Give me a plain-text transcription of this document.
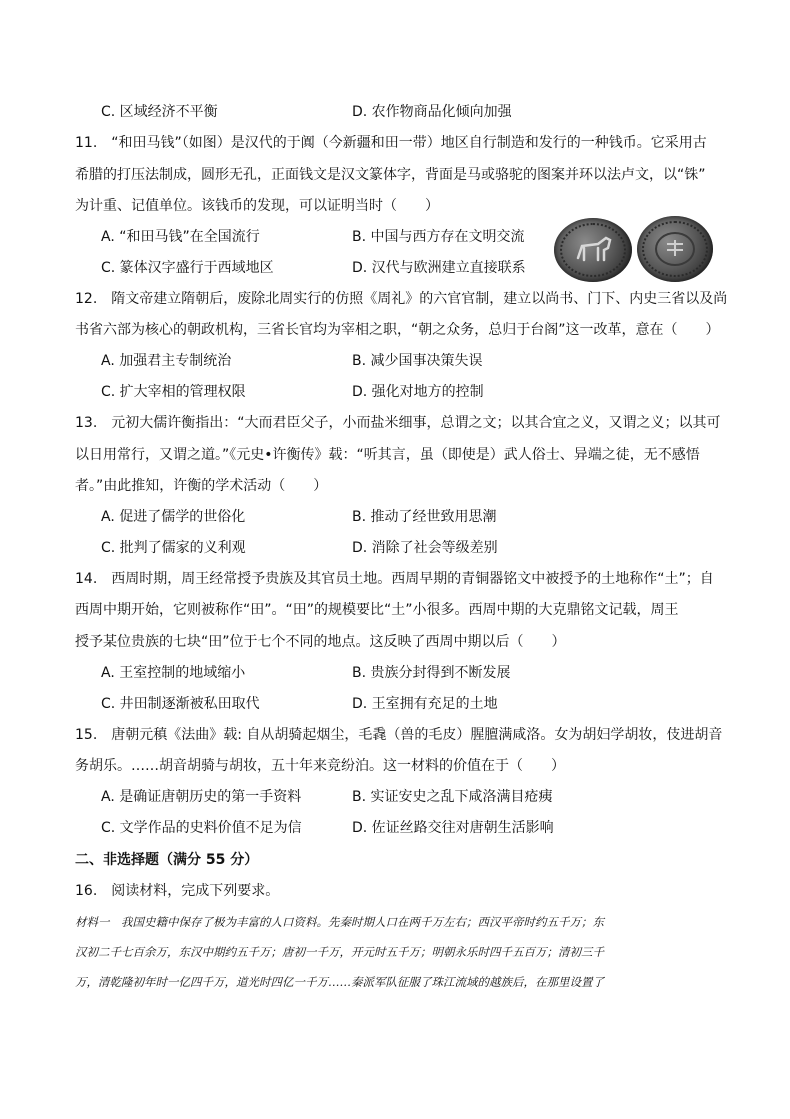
C. 区域经济不平衡	D. 农作物商品化倾向加强
11.　“和田马钱”（如图）是汉代的于阗（今新疆和田一带）地区自行制造和发行的一种钱币。它采用古
希腊的打压法制成，圆形无孔，正面钱文是汉文篆体字，背面是马或骆驼的图案并环以法卢文，以“铢”
为计重、记值单位。该钱币的发现，可以证明当时（　　）
A. “和田马钱”在全国流行	B. 中国与西方存在文明交流
C. 篆体汉字盛行于西域地区	D. 汉代与欧洲建立直接联系
12.　隋文帝建立隋朝后，废除北周实行的仿照《周礼》的六官官制，建立以尚书、门下、内史三省以及尚
书省六部为核心的朝政机构，三省长官均为宰相之职，“朝之众务，总归于台阁”这一改革，意在（　　）
A. 加强君主专制统治	B. 减少国事决策失误
C. 扩大宰相的管理权限	D. 强化对地方的控制
13.　元初大儒许衡指出：“大而君臣父子，小而盐米细事，总谓之文；以其合宜之义，又谓之义；以其可
以日用常行，又谓之道。”《元史•许衡传》载：“听其言，虽（即使是）武人俗士、异端之徒，无不感悟
者。”由此推知，许衡的学术活动（　　）
A. 促进了儒学的世俗化	B. 推动了经世致用思潮
C. 批判了儒家的义利观	D. 消除了社会等级差别
14.　西周时期，周王经常授予贵族及其官员土地。西周早期的青铜器铭文中被授予的土地称作“土”；自
西周中期开始，它则被称作“田”。“田”的规模要比“土”小很多。西周中期的大克鼎铭文记载，周王
授予某位贵族的七块“田”位于七个不同的地点。这反映了西周中期以后（　　）
A. 王室控制的地域缩小	B. 贵族分封得到不断发展
C. 井田制逐渐被私田取代	D. 王室拥有充足的土地
15.　唐朝元稹《法曲》载: 自从胡骑起烟尘，毛毳（兽的毛皮）腥膻满咸洛。女为胡妇学胡妆，伎进胡音
务胡乐。……胡音胡骑与胡妆，五十年来竞纷泊。这一材料的价值在于（　　）
A. 是确证唐朝历史的第一手资料	B. 实证安史之乱下咸洛满目疮痍
C. 文学作品的史料价值不足为信	D. 佐证丝路交往对唐朝生活影响
二、非选择题（满分 55 分）
16.　阅读材料，完成下列要求。
材料一　我国史籍中保存了极为丰富的人口资料。先秦时期人口在两千万左右；西汉平帝时约五千万；东
汉初二千七百余万，东汉中期约五千万；唐初一千万，开元时五千万；明朝永乐时四千五百万；清初三千
万，清乾隆初年时一亿四千万，道光时四亿一千万……秦派军队征服了珠江流域的越族后，在那里设置了
